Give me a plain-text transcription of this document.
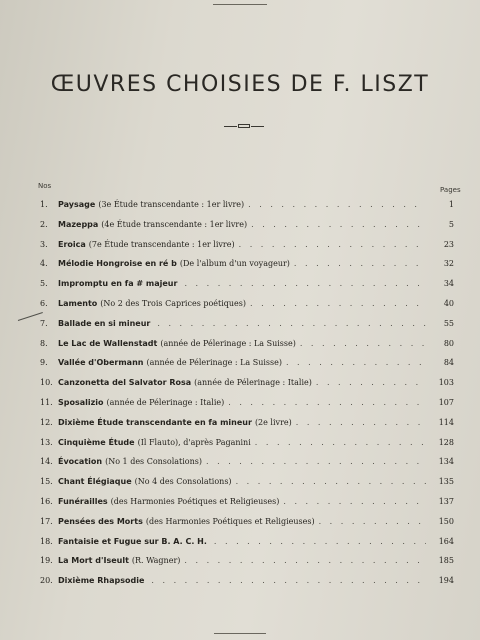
ŒUVRES CHOISIES DE F. LISZT
Nos	Pages
1.	Paysage (3e Étude transcendante : 1er livre) . . .	1
2.	Mazeppa (4e Étude transcendante : 1er livre) . . .	5
3.	Eroica (7e Étude transcendante : 1er livre) . . .	23
4.	Mélodie Hongroise en ré b (De l'album d'un voyageur) . . .	32
5.	Impromptu en fa # majeur . . .	34
6.	Lamento (No 2 des Trois Caprices poétiques) . . .	40
7.	Ballade en si mineur . . .	55
8.	Le Lac de Wallenstadt (année de Pélerinage : La Suisse) . . .	80
9.	Vallée d'Obermann (année de Pélerinage : La Suisse) . . .	84
10. Canzonetta del Salvator Rosa (année de Pélerinage : Italie) . . .	103
11. Sposalizio (année de Pélerinage : Italie) . . .	107
12. Dixième Étude transcendante en fa mineur (2e livre) . . .	114
13. Cinquième Étude (Il Flauto), d'après Paganini . . .	128
14. Évocation (No 1 des Consolations) . . .	134
15. Chant Élégiaque (No 4 des Consolations) . . .	135
16. Funérailles (des Harmonies Poétiques et Religieuses) . . .	137
17. Pensées des Morts (des Harmonies Poétiques et Religieuses) . . .	150
18. Fantaisie et Fugue sur B. A. C. H. . . .	164
19. La Mort d'Iseult (R. Wagner) . . .	185
20. Dixième Rhapsodie . . .	194
